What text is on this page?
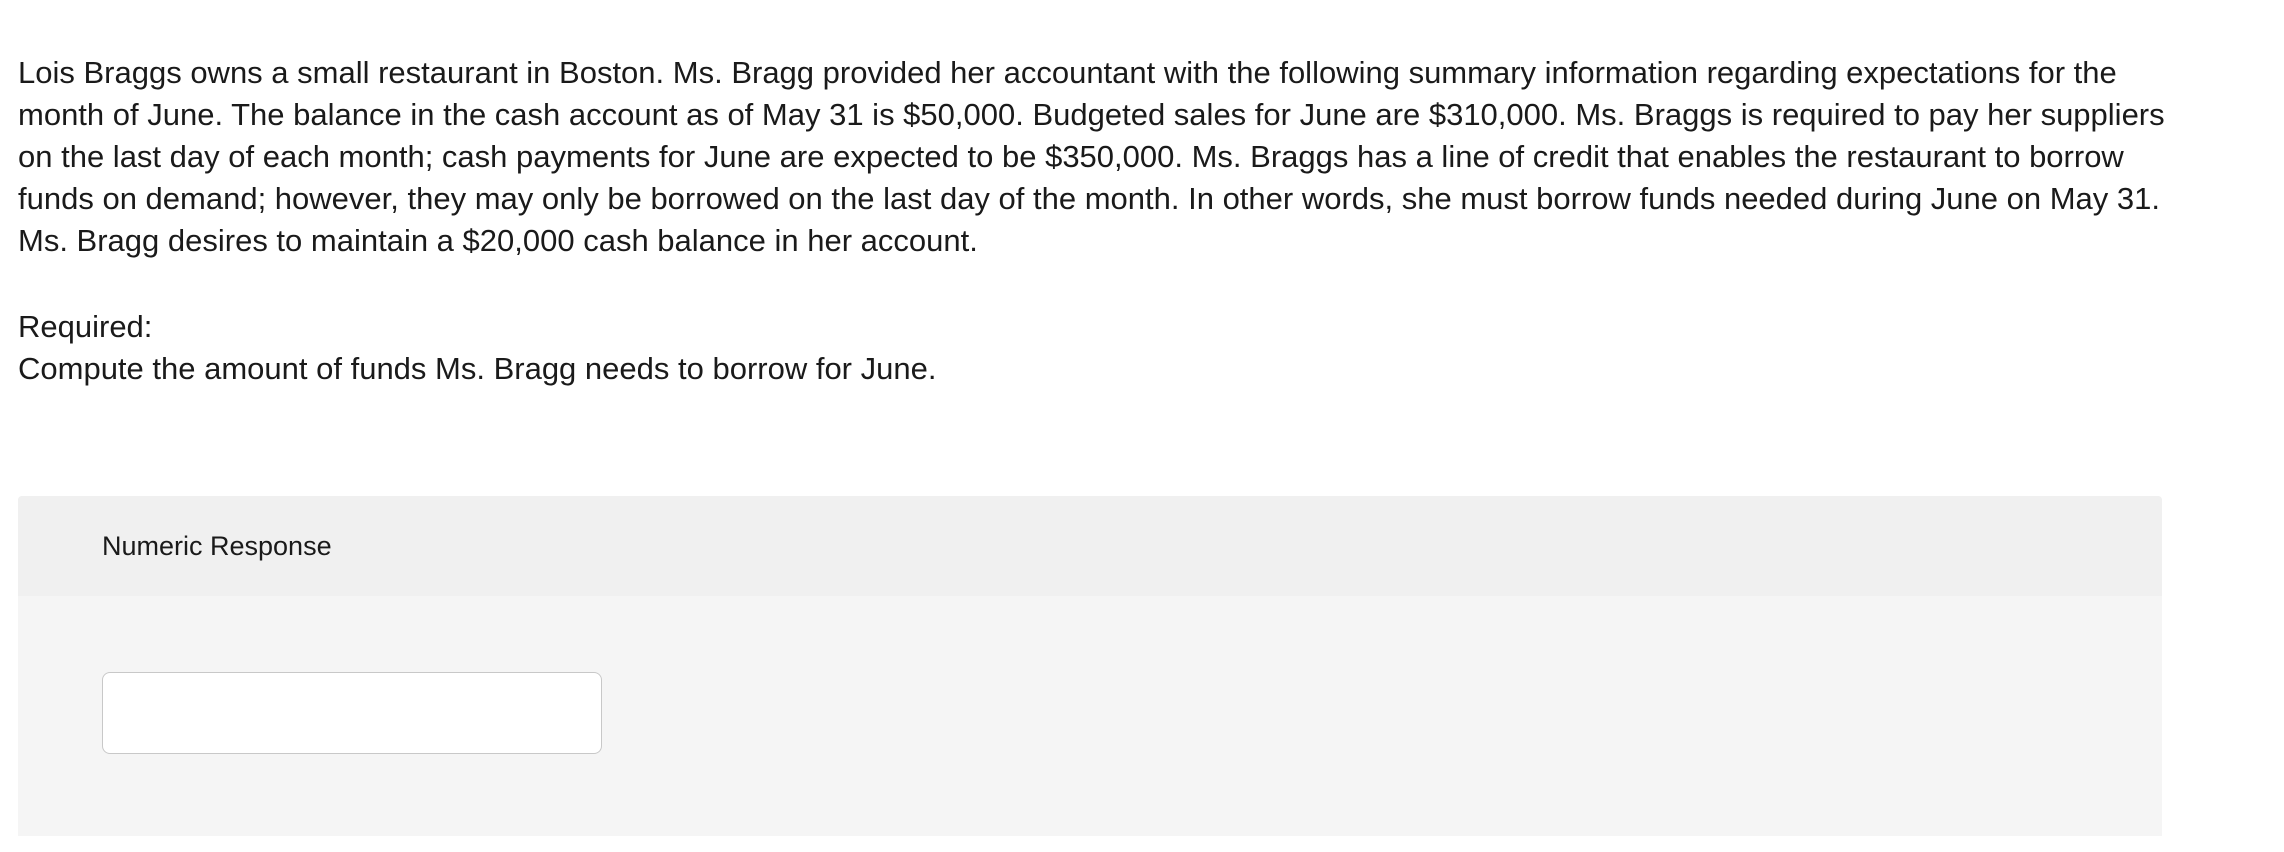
Lois Braggs owns a small restaurant in Boston. Ms. Bragg provided her accountant with the following summary information regarding expectations for the month of June. The balance in the cash account as of May 31 is $50,000. Budgeted sales for June are $310,000. Ms. Braggs is required to pay her suppliers on the last day of each month; cash payments for June are expected to be $350,000. Ms. Braggs has a line of credit that enables the restaurant to borrow funds on demand; however, they may only be borrowed on the last day of the month. In other words, she must borrow funds needed during June on May 31. Ms. Bragg desires to maintain a $20,000 cash balance in her account.

Required:

Compute the amount of funds Ms. Bragg needs to borrow for June.

Numeric Response
